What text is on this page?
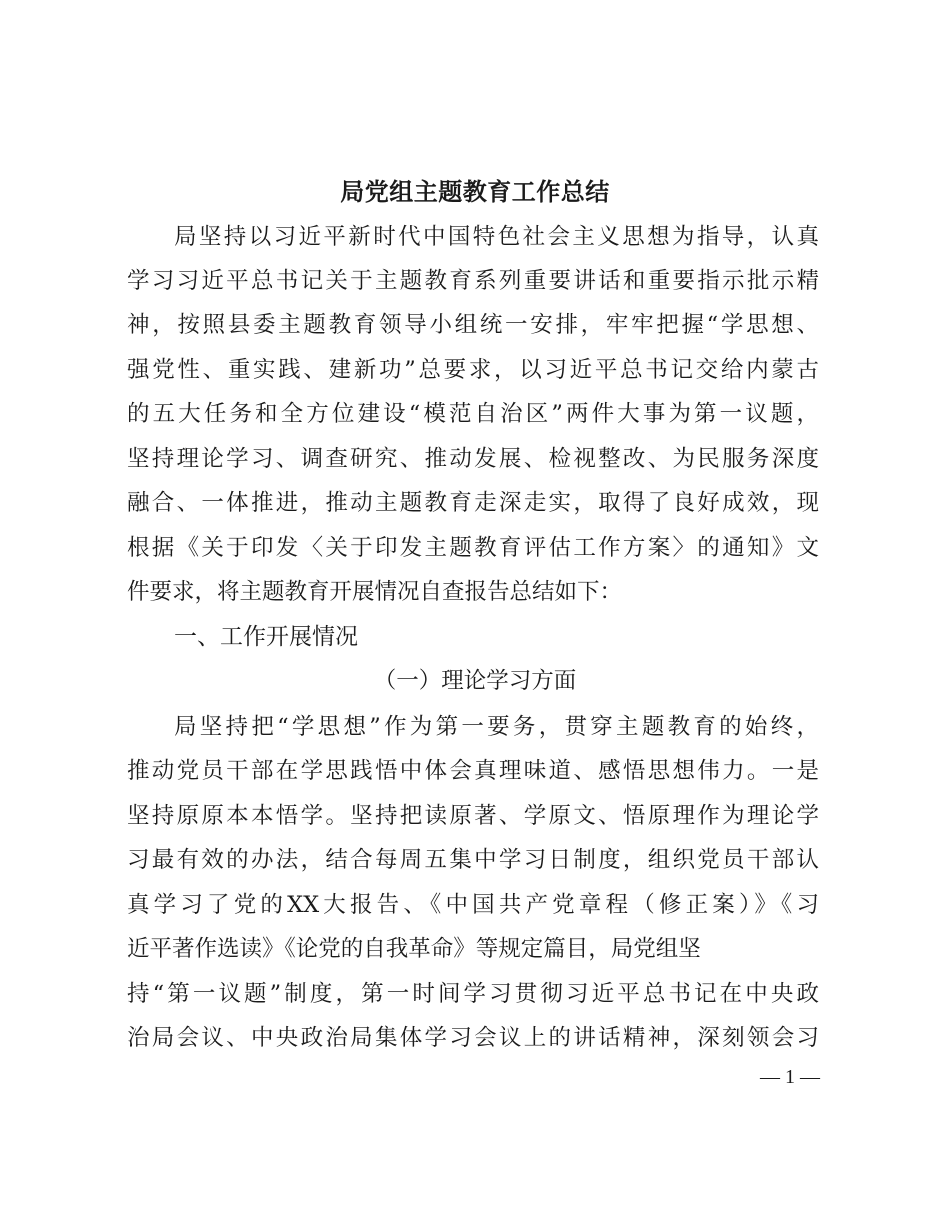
局党组主题教育工作总结
局坚持以习近平新时代中国特色社会主义思想为指导，认真
学习习近平总书记关于主题教育系列重要讲话和重要指示批示精
神，按照县委主题教育领导小组统一安排，牢牢把握“学思想、
强党性、重实践、建新功”总要求，以习近平总书记交给内蒙古
的五大任务和全方位建设“模范自治区”两件大事为第一议题，
坚持理论学习、调查研究、推动发展、检视整改、为民服务深度
融合、一体推进，推动主题教育走深走实，取得了良好成效，现
根据《关于印发〈关于印发主题教育评估工作方案〉的通知》文
件要求，将主题教育开展情况自查报告总结如下：
一、工作开展情况
（一）理论学习方面
局坚持把“学思想”作为第一要务，贯穿主题教育的始终，
推动党员干部在学思践悟中体会真理味道、感悟思想伟力。一是
坚持原原本本悟学。坚持把读原著、学原文、悟原理作为理论学
习最有效的办法，结合每周五集中学习日制度，组织党员干部认
真学习了党的XX大报告、《中国共产党章程（修正案）》《习
近平著作选读》《论党的自我革命》等规定篇目，局党组坚
持“第一议题”制度，第一时间学习贯彻习近平总书记在中央政
治局会议、中央政治局集体学习会议上的讲话精神，深刻领会习
— 1 —
